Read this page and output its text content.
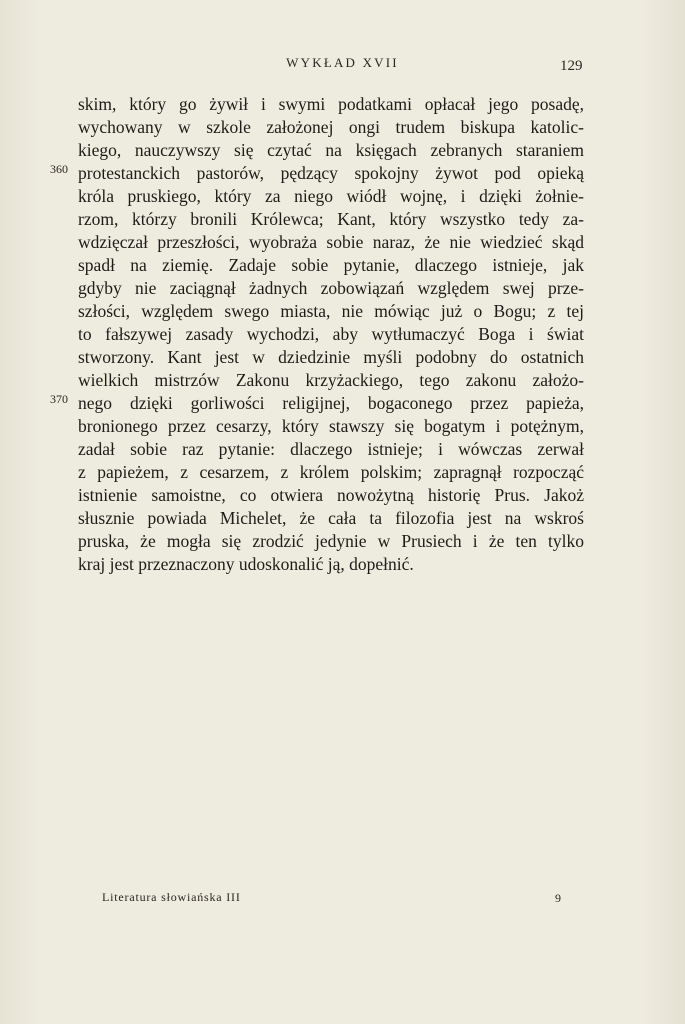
WYKŁAD XVII	129
skim, który go żywił i swymi podatkami opłacał jego posadę,
wychowany w szkole założonej ongi trudem biskupa katolic-
kiego, nauczywszy się czytać na księgach zebranych staraniem
protestanckich pastorów, pędzący spokojny żywot pod opieką
króla pruskiego, który za niego wiódł wojnę, i dzięki żołnie-
rzom, którzy bronili Królewca; Kant, który wszystko tedy za-
wdzięczał przeszłości, wyobraża sobie naraz, że nie wiedzieć skąd
spadł na ziemię. Zadaje sobie pytanie, dlaczego istnieje, jak
gdyby nie zaciągnął żadnych zobowiązań względem swej prze-
szłości, względem swego miasta, nie mówiąc już o Bogu; z tej
to fałszywej zasady wychodzi, aby wytłumaczyć Boga i świat
stworzony. Kant jest w dziedzinie myśli podobny do ostatnich
wielkich mistrzów Zakonu krzyżackiego, tego zakonu założo-
nego dzięki gorliwości religijnej, bogaconego przez papieża,
bronionego przez cesarzy, który stawszy się bogatym i potężnym,
zadał sobie raz pytanie: dlaczego istnieje; i wówczas zerwał
z papieżem, z cesarzem, z królem polskim; zapragnął rozpocząć
istnienie samoistne, co otwiera nowożytną historię Prus. Jakoż
słusznie powiada Michelet, że cała ta filozofia jest na wskroś
pruska, że mogła się zrodzić jedynie w Prusiech i że ten tylko
kraj jest przeznaczony udoskonalić ją, dopełnić.
360
370
Literatura słowiańska III	9
